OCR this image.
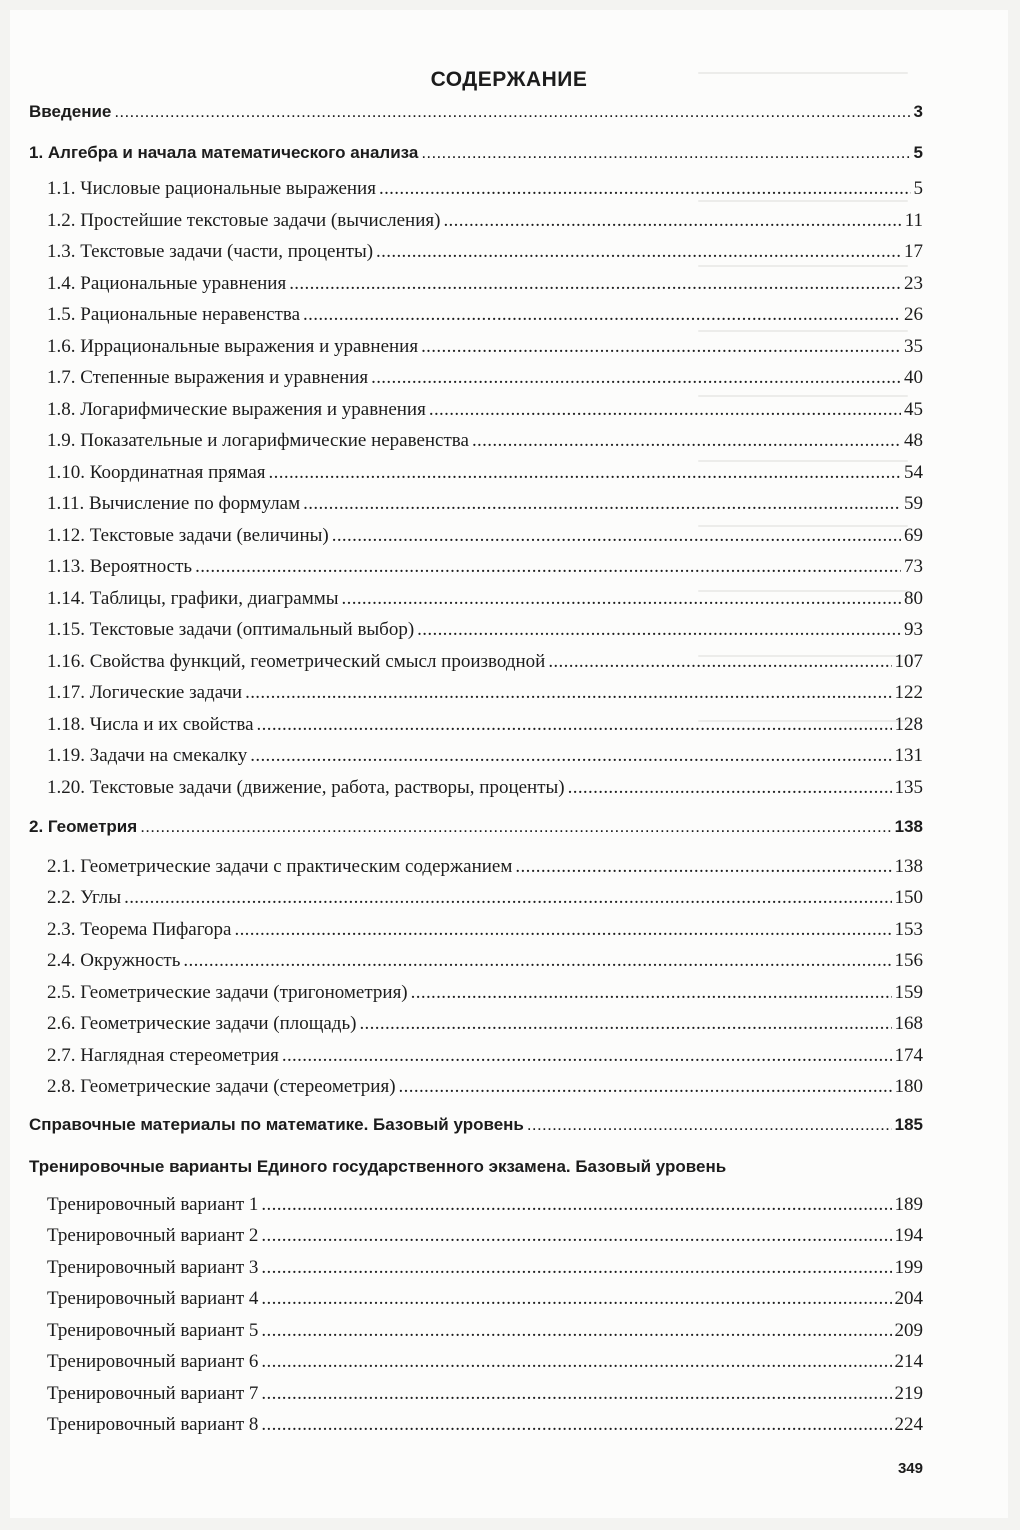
СОДЕРЖАНИЕ
Введение . . .	3
1. Алгебра и начала математического анализа . . .	5
1.1. Числовые рациональные выражения . . .	5
1.2. Простейшие текстовые задачи (вычисления) . . .	11
1.3. Текстовые задачи (части, проценты) . . .	17
1.4. Рациональные уравнения . . .	23
1.5. Рациональные неравенства . . .	26
1.6. Иррациональные выражения и уравнения . . .	35
1.7. Степенные выражения и уравнения . . .	40
1.8. Логарифмические выражения и уравнения . . .	45
1.9. Показательные и логарифмические неравенства . . .	48
1.10. Координатная прямая . . .	54
1.11. Вычисление по формулам . . .	59
1.12. Текстовые задачи (величины) . . .	69
1.13. Вероятность . . .	73
1.14. Таблицы, графики, диаграммы . . .	80
1.15. Текстовые задачи (оптимальный выбор) . . .	93
1.16. Свойства функций, геометрический смысл производной . . .	107
1.17. Логические задачи . . .	122
1.18. Числа и их свойства . . .	128
1.19. Задачи на смекалку . . .	131
1.20. Текстовые задачи (движение, работа, растворы, проценты) . . .	135
2. Геометрия . . .	138
2.1. Геометрические задачи с практическим содержанием . . .	138
2.2. Углы . . .	150
2.3. Теорема Пифагора . . .	153
2.4. Окружность . . .	156
2.5. Геометрические задачи (тригонометрия) . . .	159
2.6. Геометрические задачи (площадь) . . .	168
2.7. Наглядная стереометрия . . .	174
2.8. Геометрические задачи (стереометрия) . . .	180
Справочные материалы по математике. Базовый уровень . . .	185
Тренировочные варианты Единого государственного экзамена. Базовый уровень
Тренировочный вариант 1 . . .	189
Тренировочный вариант 2 . . .	194
Тренировочный вариант 3 . . .	199
Тренировочный вариант 4 . . .	204
Тренировочный вариант 5 . . .	209
Тренировочный вариант 6 . . .	214
Тренировочный вариант 7 . . .	219
Тренировочный вариант 8 . . .	224
349
